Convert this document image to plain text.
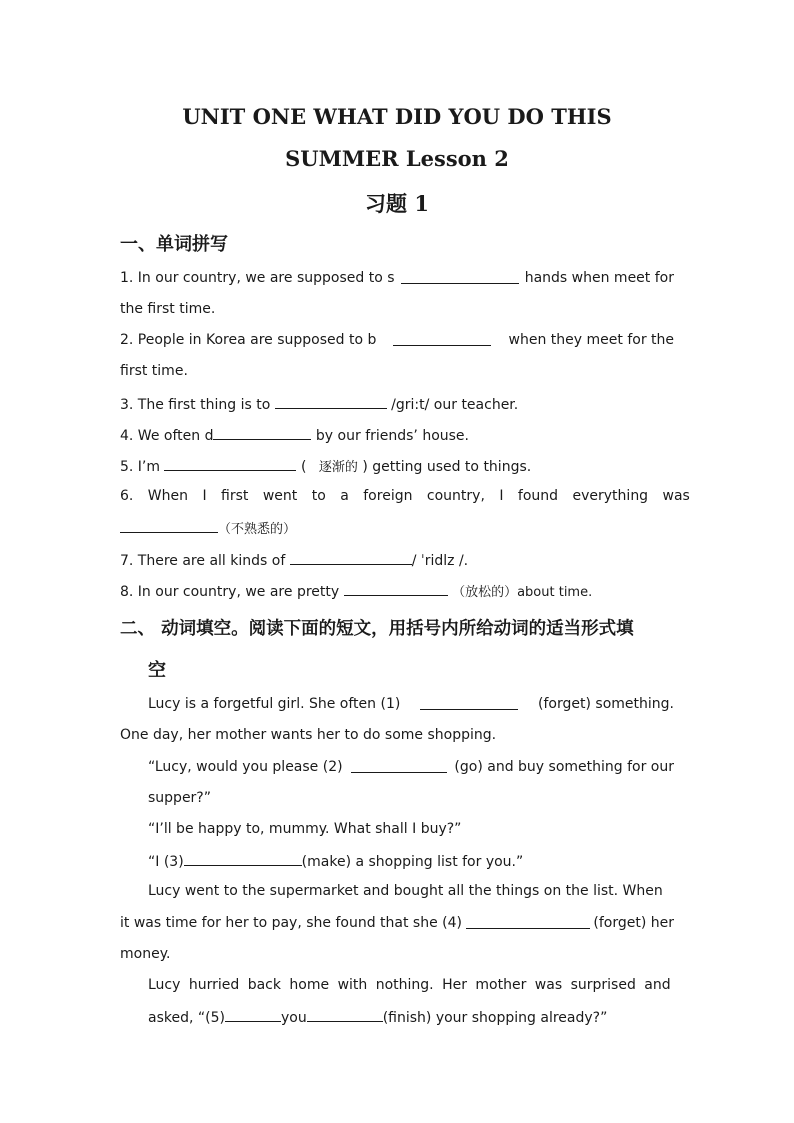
UNIT ONE WHAT DID YOU DO THIS
SUMMER Lesson 2
习题 1
一、单词拼写
1. In our country, we are supposed to s	hands when meet for
the first time.
2. People in Korea are supposed to b	when they meet for the
first time.
3. The first thing is to	/gri:t/ our teacher.
4. We often d	by our friends’ house.
5. I’m	( 逐渐的 ) getting used to things.
6. When I first went to a foreign country, I found everything was
（不熟悉的）
7. There are all kinds of	/ ˈridlz /.
8. In our country, we are pretty	（放松的）about time.
二、 动词填空。阅读下面的短文，用括号内所给动词的适当形式填
空
Lucy is a forgetful girl. She often (1)	(forget) something.
One day, her mother wants her to do some shopping.
“Lucy, would you please (2)	(go) and buy something for our
supper?”
“I’ll be happy to, mummy. What shall I buy?”
“I (3)	(make) a shopping list for you.”
Lucy went to the supermarket and bought all the things on the list. When
it was time for her to pay, she found that she (4)	(forget) her
money.
Lucy hurried back home with nothing. Her mother was surprised and
asked, “(5)	you	(finish) your shopping already?”
